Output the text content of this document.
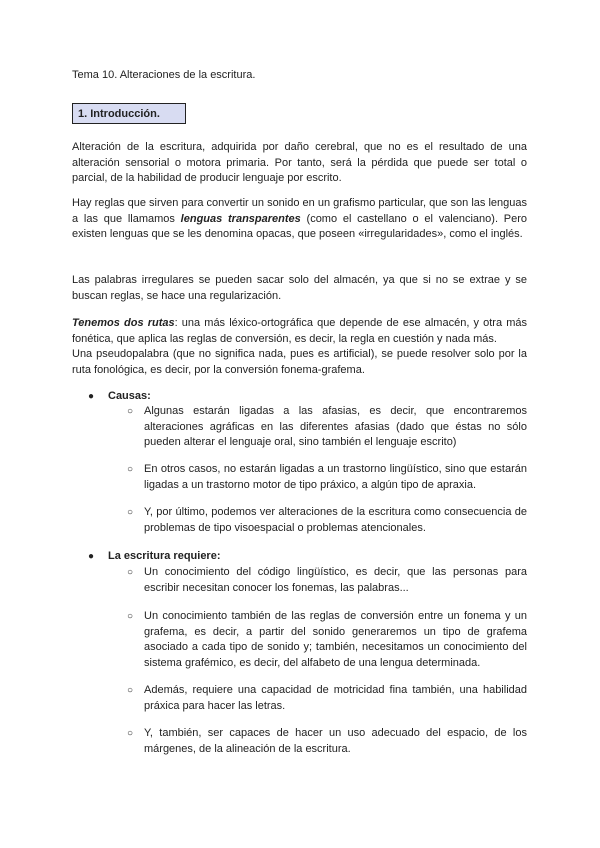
Tema 10. Alteraciones de la escritura.
1. Introducción.

Alteración de la escritura, adquirida por daño cerebral, que no es el resultado de una alteración sensorial o motora primaria. Por tanto, será la pérdida que puede ser total o parcial, de la habilidad de producir lenguaje por escrito.

Hay reglas que sirven para convertir un sonido en un grafismo particular, que son las lenguas a las que llamamos lenguas transparentes (como el castellano o el valenciano). Pero existen lenguas que se les denomina opacas, que poseen «irregularidades», como el inglés.

Las palabras irregulares se pueden sacar solo del almacén, ya que si no se extrae y se buscan reglas, se hace una regularización.

Tenemos dos rutas: una más léxico-ortográfica que depende de ese almacén, y otra más fonética, que aplica las reglas de conversión, es decir, la regla en cuestión y nada más.

Una pseudopalabra (que no significa nada, pues es artificial), se puede resolver solo por la ruta fonológica, es decir, por la conversión fonema-grafema.

● Causas:
○ Algunas estarán ligadas a las afasias, es decir, que encontraremos alteraciones agráficas en las diferentes afasias (dado que éstas no sólo pueden alterar el lenguaje oral, sino también el lenguaje escrito)

○ En otros casos, no estarán ligadas a un trastorno lingüístico, sino que estarán ligadas a un trastorno motor de tipo práxico, a algún tipo de apraxia.

○ Y, por último, podemos ver alteraciones de la escritura como consecuencia de problemas de tipo visoespacial o problemas atencionales.

● La escritura requiere:
○ Un conocimiento del código lingüístico, es decir, que las personas para escribir necesitan conocer los fonemas, las palabras...

○ Un conocimiento también de las reglas de conversión entre un fonema y un grafema, es decir, a partir del sonido generaremos un tipo de grafema asociado a cada tipo de sonido y; también, necesitamos un conocimiento del sistema grafémico, es decir, del alfabeto de una lengua determinada.

○ Además, requiere una capacidad de motricidad fina también, una habilidad práxica para hacer las letras.

○ Y, también, ser capaces de hacer un uso adecuado del espacio, de los márgenes, de la alineación de la escritura.
